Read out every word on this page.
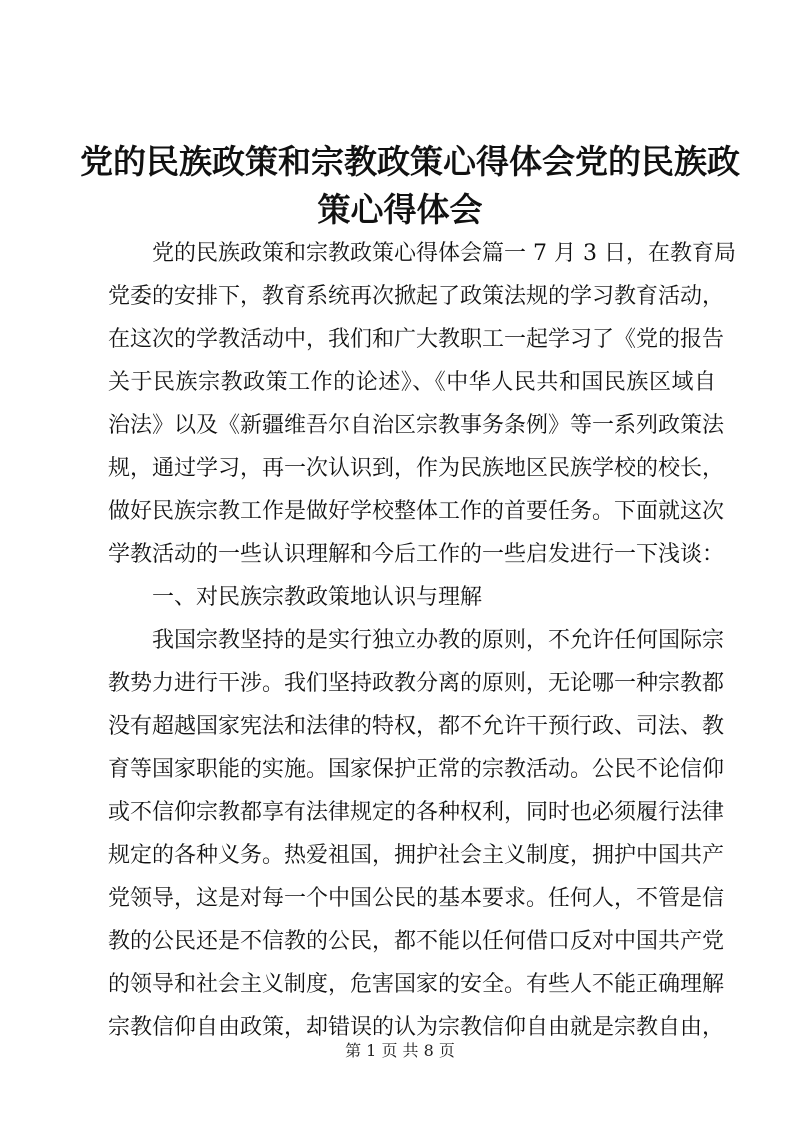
党的民族政策和宗教政策心得体会党的民族政
策心得体会
党的民族政策和宗教政策心得体会篇一 7 月 3 日，在教育局
党委的安排下，教育系统再次掀起了政策法规的学习教育活动，
在这次的学教活动中，我们和广大教职工一起学习了《党的报告
关于民族宗教政策工作的论述》、《中华人民共和国民族区域自
治法》以及《新疆维吾尔自治区宗教事务条例》等一系列政策法
规，通过学习，再一次认识到，作为民族地区民族学校的校长，
做好民族宗教工作是做好学校整体工作的首要任务。下面就这次
学教活动的一些认识理解和今后工作的一些启发进行一下浅谈：
一、对民族宗教政策地认识与理解
我国宗教坚持的是实行独立办教的原则，不允许任何国际宗
教势力进行干涉。我们坚持政教分离的原则，无论哪一种宗教都
没有超越国家宪法和法律的特权，都不允许干预行政、司法、教
育等国家职能的实施。国家保护正常的宗教活动。公民不论信仰
或不信仰宗教都享有法律规定的各种权利，同时也必须履行法律
规定的各种义务。热爱祖国，拥护社会主义制度，拥护中国共产
党领导，这是对每一个中国公民的基本要求。任何人，不管是信
教的公民还是不信教的公民，都不能以任何借口反对中国共产党
的领导和社会主义制度，危害国家的安全。有些人不能正确理解
宗教信仰自由政策，却错误的认为宗教信仰自由就是宗教自由，
第 1 页 共 8 页
